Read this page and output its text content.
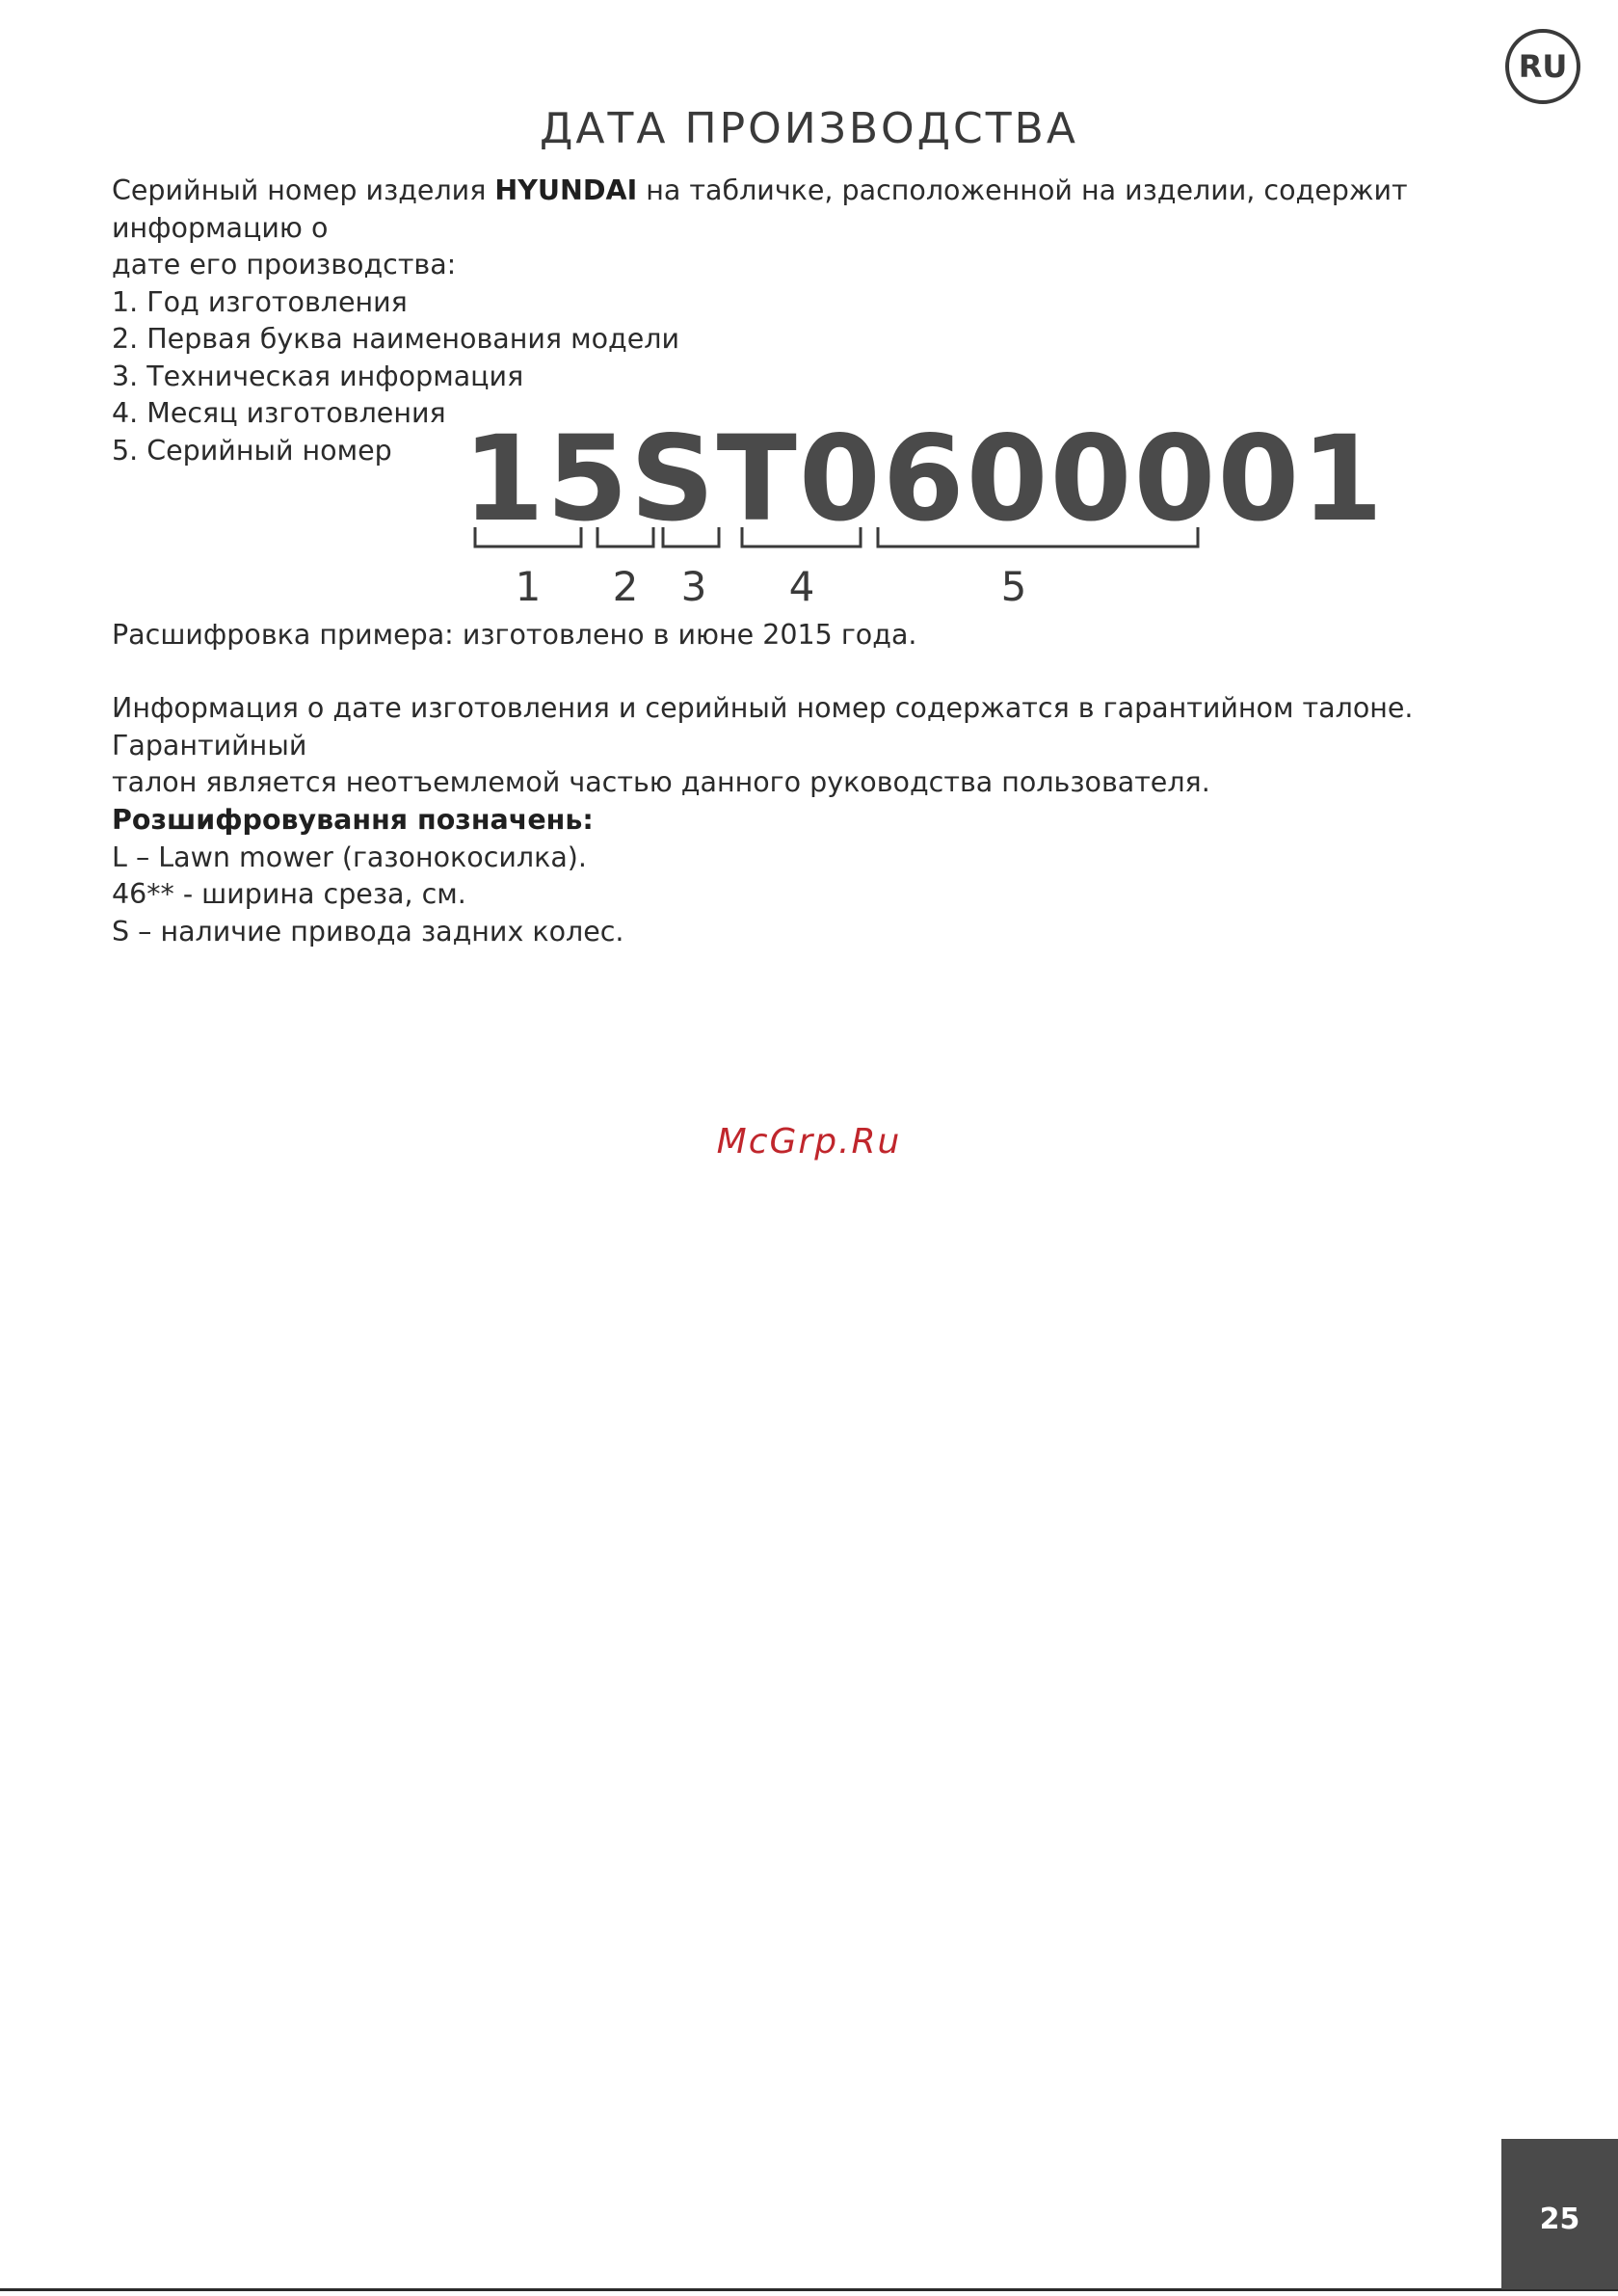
RU
ДАТА ПРОИЗВОДСТВА
Серийный номер изделия HYUNDAI на табличке, расположенной на изделии, содержит информацию о
дате его производства:
1. Год изготовления
2. Первая буква наименования модели
3. Техническая информация
4. Месяц изготовления
5. Серийный номер 15ST0600001
1	2	3	4	5
Расшифровка примера: изготовлено в июне 2015 года.
Информация о дате изготовления и серийный номер содержатся в гарантийном талоне. Гарантийный
талон является неотъемлемой частью данного руководства пользователя.
Розшифровування позначень:
L – Lawn mower (газонокосилка).
46** - ширина среза, см.
S – наличие привода задних колес.
McGrp.Ru
25
